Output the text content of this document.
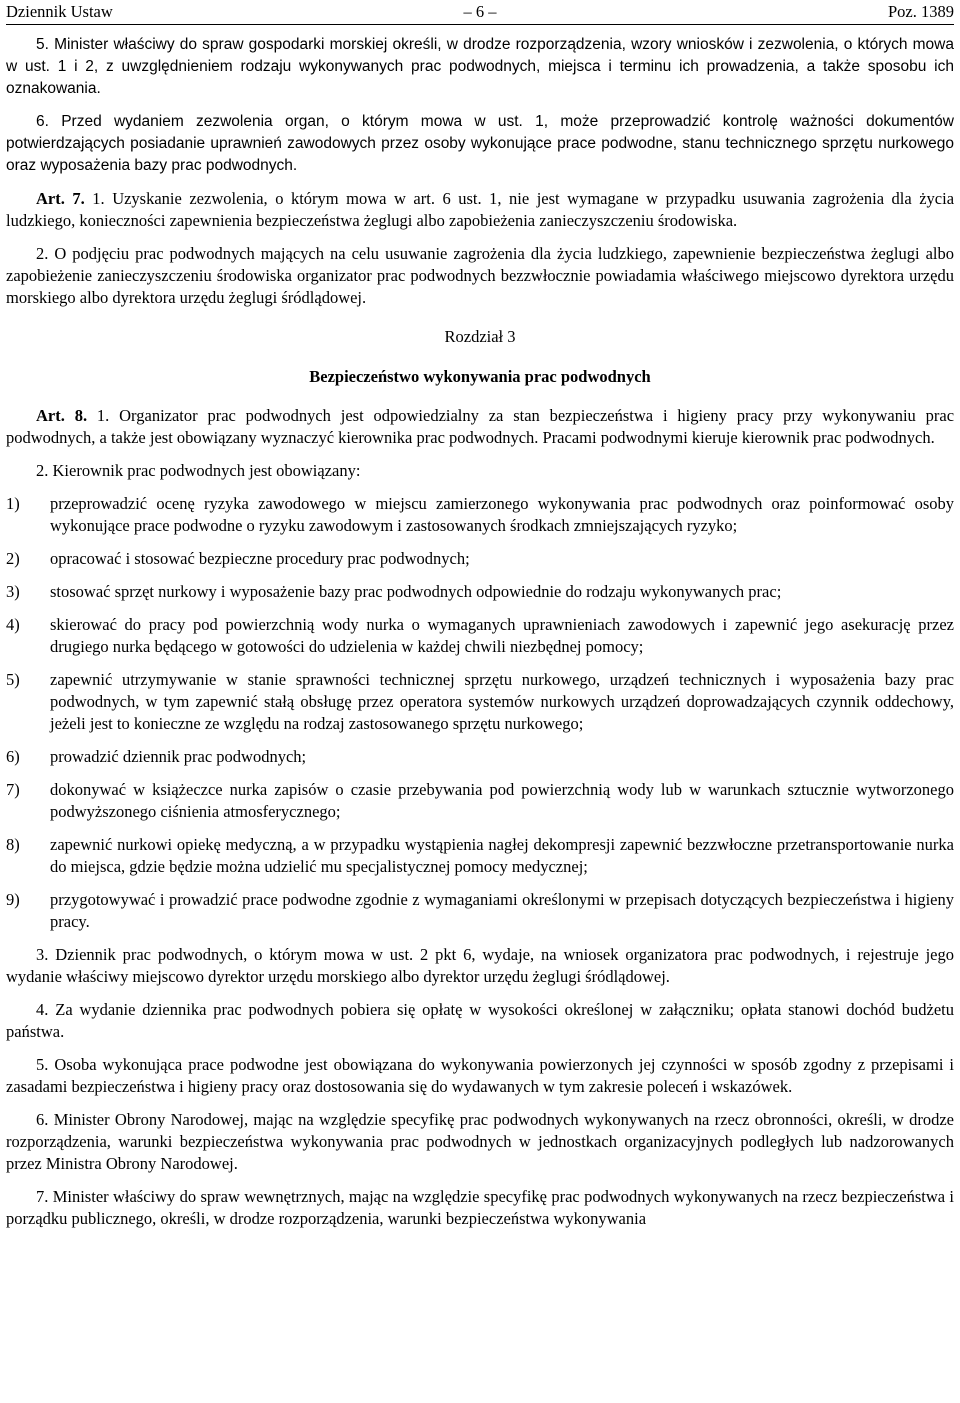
Dziennik Ustaw	– 6 –	Poz. 1389

5. Minister właściwy do spraw gospodarki morskiej określi, w drodze rozporządzenia, wzory wniosków i zezwolenia, o których mowa w ust. 1 i 2, z uwzględnieniem rodzaju wykonywanych prac podwodnych, miejsca i terminu ich prowadzenia, a także sposobu ich oznakowania.

6. Przed wydaniem zezwolenia organ, o którym mowa w ust. 1, może przeprowadzić kontrolę ważności dokumentów potwierdzających posiadanie uprawnień zawodowych przez osoby wykonujące prace podwodne, stanu technicznego sprzętu nurkowego oraz wyposażenia bazy prac podwodnych.

Art. 7. 1. Uzyskanie zezwolenia, o którym mowa w art. 6 ust. 1, nie jest wymagane w przypadku usuwania zagrożenia dla życia ludzkiego, konieczności zapewnienia bezpieczeństwa żeglugi albo zapobieżenia zanieczyszczeniu środowiska.

2. O podjęciu prac podwodnych mających na celu usuwanie zagrożenia dla życia ludzkiego, zapewnienie bezpieczeństwa żeglugi albo zapobieżenie zanieczyszczeniu środowiska organizator prac podwodnych bezzwłocznie powiadamia właściwego miejscowo dyrektora urzędu morskiego albo dyrektora urzędu żeglugi śródlądowej.

Rozdział 3
Bezpieczeństwo wykonywania prac podwodnych

Art. 8. 1. Organizator prac podwodnych jest odpowiedzialny za stan bezpieczeństwa i higieny pracy przy wykonywaniu prac podwodnych, a także jest obowiązany wyznaczyć kierownika prac podwodnych. Pracami podwodnymi kieruje kierownik prac podwodnych.

2. Kierownik prac podwodnych jest obowiązany:

1)	przeprowadzić ocenę ryzyka zawodowego w miejscu zamierzonego wykonywania prac podwodnych oraz poinformować osoby wykonujące prace podwodne o ryzyku zawodowym i zastosowanych środkach zmniejszających ryzyko;
2)	opracować i stosować bezpieczne procedury prac podwodnych;
3)	stosować sprzęt nurkowy i wyposażenie bazy prac podwodnych odpowiednie do rodzaju wykonywanych prac;
4)	skierować do pracy pod powierzchnią wody nurka o wymaganych uprawnieniach zawodowych i zapewnić jego asekurację przez drugiego nurka będącego w gotowości do udzielenia w każdej chwili niezbędnej pomocy;
5)	zapewnić utrzymywanie w stanie sprawności technicznej sprzętu nurkowego, urządzeń technicznych i wyposażenia bazy prac podwodnych, w tym zapewnić stałą obsługę przez operatora systemów nurkowych urządzeń doprowadzających czynnik oddechowy, jeżeli jest to konieczne ze względu na rodzaj zastosowanego sprzętu nurkowego;
6)	prowadzić dziennik prac podwodnych;
7)	dokonywać w książeczce nurka zapisów o czasie przebywania pod powierzchnią wody lub w warunkach sztucznie wytworzonego podwyższonego ciśnienia atmosferycznego;
8)	zapewnić nurkowi opiekę medyczną, a w przypadku wystąpienia nagłej dekompresji zapewnić bezzwłoczne przetransportowanie nurka do miejsca, gdzie będzie można udzielić mu specjalistycznej pomocy medycznej;
9)	przygotowywać i prowadzić prace podwodne zgodnie z wymaganiami określonymi w przepisach dotyczących bezpieczeństwa i higieny pracy.

3. Dziennik prac podwodnych, o którym mowa w ust. 2 pkt 6, wydaje, na wniosek organizatora prac podwodnych, i rejestruje jego wydanie właściwy miejscowo dyrektor urzędu morskiego albo dyrektor urzędu żeglugi śródlądowej.

4. Za wydanie dziennika prac podwodnych pobiera się opłatę w wysokości określonej w załączniku; opłata stanowi dochód budżetu państwa.

5. Osoba wykonująca prace podwodne jest obowiązana do wykonywania powierzonych jej czynności w sposób zgodny z przepisami i zasadami bezpieczeństwa i higieny pracy oraz dostosowania się do wydawanych w tym zakresie poleceń i wskazówek.

6. Minister Obrony Narodowej, mając na względzie specyfikę prac podwodnych wykonywanych na rzecz obronności, określi, w drodze rozporządzenia, warunki bezpieczeństwa wykonywania prac podwodnych w jednostkach organizacyjnych podległych lub nadzorowanych przez Ministra Obrony Narodowej.

7. Minister właściwy do spraw wewnętrznych, mając na względzie specyfikę prac podwodnych wykonywanych na rzecz bezpieczeństwa i porządku publicznego, określi, w drodze rozporządzenia, warunki bezpieczeństwa wykonywania
